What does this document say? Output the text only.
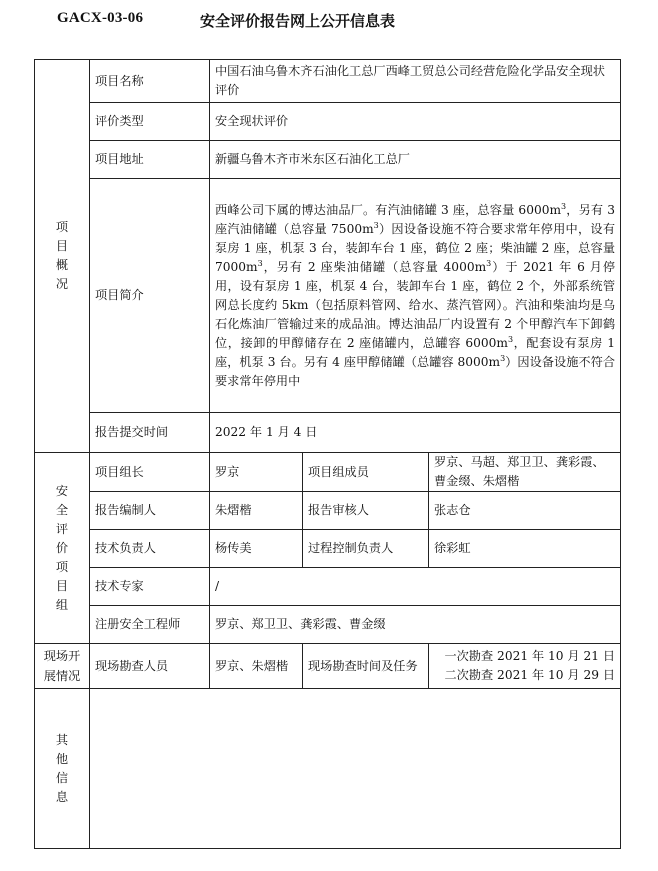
GACX-03-06	安全评价报告网上公开信息表
项目概况	项目名称	中国石油乌鲁木齐石油化工总厂西峰工贸总公司经营危险化学品安全现状评价		
	评价类型	安全现状评价		
	项目地址	新疆乌鲁木齐市米东区石油化工总厂		
	项目简介	西峰公司下属的博达油品厂。有汽油储罐 3 座，总容量 $6000m^3$，另有 3 座汽油储罐（总容量 $7500m^3$）因设备设施不符合要求常年停用中，设有泵房 1 座，机泵 3 台，装卸车台 1 座，鹤位 2 座；柴油罐 2 座，总容量 $7000m^3$，另有 2 座柴油储罐（总容量 $4000m^3$）于 2021 年 6 月停用，设有泵房 1 座，机泵 4 台，装卸车台 1 座，鹤位 2 个，外部系统管网总长度约 5km（包括原料管网、给水、蒸汽管网）。汽油和柴油均是乌石化炼油厂管输过来的成品油。博达油品厂内设置有 2 个甲醇汽车下卸鹤位，接卸的甲醇储存在 2 座储罐内，总罐容 $6000m^3$，配套设有泵房 1 座，机泵 3 台。另有 4 座甲醇储罐（总罐容 $8000m^3$）因设备设施不符合要求常年停用中		
	报告提交时间	2022 年 1 月 4 日		

安全评价项目组	项目组长	罗京	项目组成员	罗京、马超、郑卫卫、龚彩霞、曹金缀、朱熠楷
	报告编制人	朱熠楷	报告审核人	张志仓
	技术负责人	杨传美	过程控制负责人	徐彩虹
	技术专家	/		
	注册安全工程师	罗京、郑卫卫、龚彩霞、曹金缀		
现场开展情况	现场勘查人员	罗京、朱熠楷	现场勘查时间及任务	一次勘查 2021 年 10 月 21 日
二次勘查 2021 年 10 月 29 日

其他信息				
